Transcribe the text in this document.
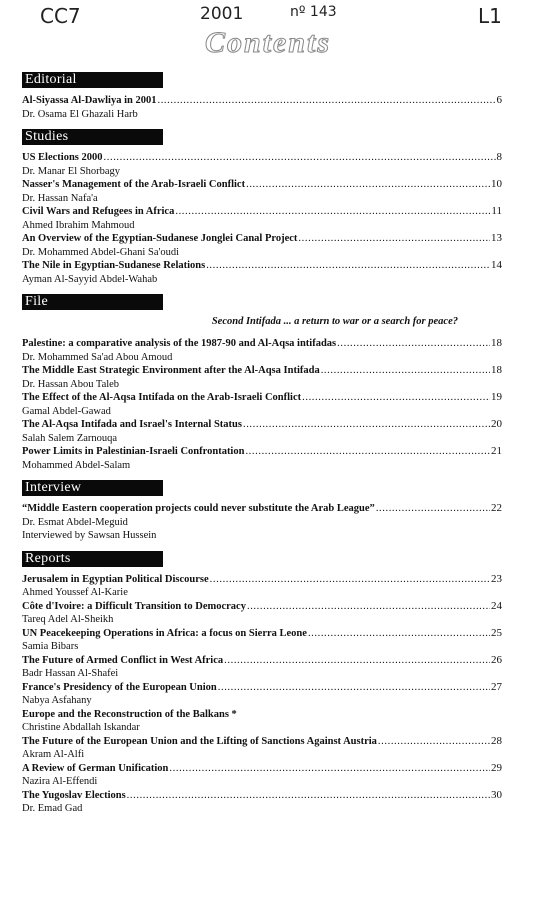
CC7	2001	nº 143	L1
Contents
Editorial
Al-Siyassa Al-Dawliya in 2001 .....	6
Dr. Osama El Ghazali Harb
Studies
US Elections 2000 .....	8
Dr. Manar El Shorbagy
Nasser's Management of the Arab-Israeli Conflict .....	10
Dr. Hassan Nafa'a
Civil Wars and Refugees in Africa .....	11
Ahmed Ibrahim Mahmoud
An Overview of the Egyptian-Sudanese Jonglei Canal Project .....	13
Dr. Mohammed Abdel-Ghani Sa'oudi
The Nile in Egyptian-Sudanese Relations .....	14
Ayman Al-Sayyid Abdel-Wahab
File
Second Intifada ... a return to war or a search for peace?
Palestine: a comparative analysis of the 1987-90 and Al-Aqsa intifadas .....	18
Dr. Mohammed Sa'ad Abou Amoud
The Middle East Strategic Environment after the Al-Aqsa Intifada .....	18
Dr. Hassan Abou Taleb
The Effect of the Al-Aqsa Intifada on the Arab-Israeli Conflict .....	19
Gamal Abdel-Gawad
The Al-Aqsa Intifada and Israel's Internal Status .....	20
Salah Salem Zarnouqa
Power Limits in Palestinian-Israeli Confrontation .....	21
Mohammed Abdel-Salam
Interview
“Middle Eastern cooperation projects could never substitute the Arab League” .....	22
Dr. Esmat Abdel-Meguid
Interviewed by Sawsan Hussein
Reports
Jerusalem in Egyptian Political Discourse .....	23
Ahmed Youssef Al-Karie
Côte d'Ivoire: a Difficult Transition to Democracy .....	24
Tareq Adel Al-Sheikh
UN Peacekeeping Operations in Africa: a focus on Sierra Leone .....	25
Samia Bibars
The Future of Armed Conflict in West Africa .....	26
Badr Hassan Al-Shafei
France's Presidency of the European Union .....	27
Nabya Asfahany
Europe and the Reconstruction of the Balkans *
Christine Abdallah Iskandar
The Future of the European Union and the Lifting of Sanctions Against Austria .....	28
Akram Al-Alfi
A Review of German Unification .....	29
Nazira Al-Effendi
The Yugoslav Elections .....	30
Dr. Emad Gad
